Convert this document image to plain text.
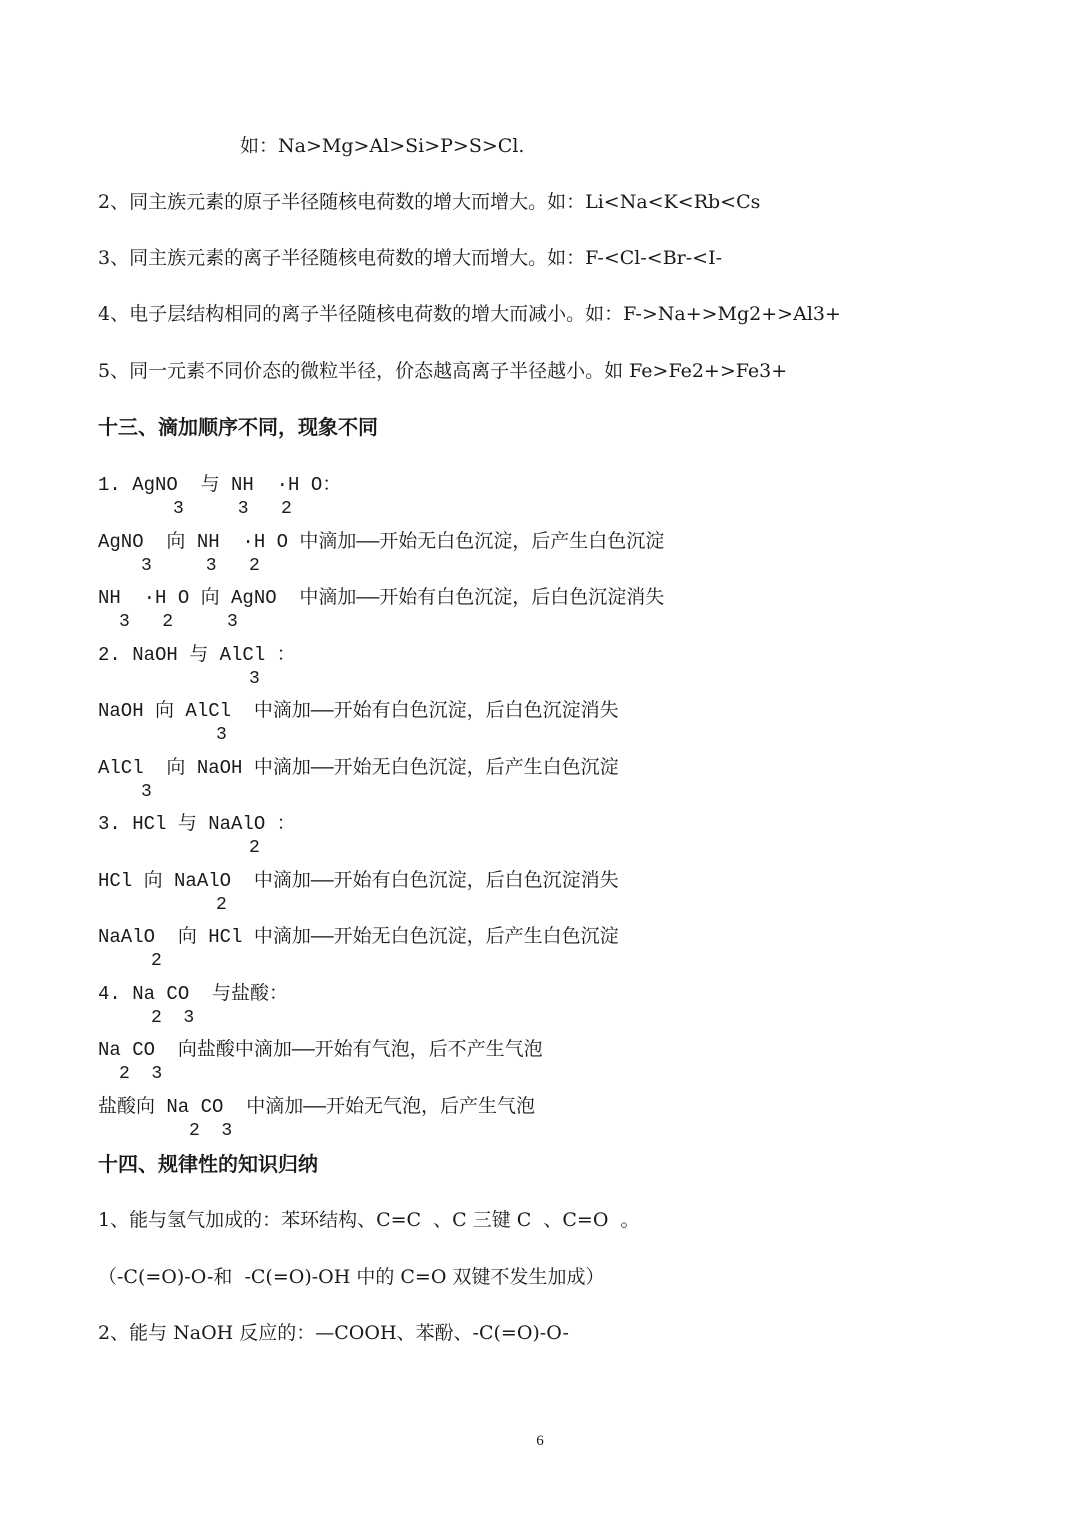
如：Na>Mg>Al>Si>P>S>Cl.

2、同主族元素的原子半径随核电荷数的增大而增大。如：Li<Na<K<Rb<Cs

3、同主族元素的离子半径随核电荷数的增大而增大。如：F-<Cl-<Br-<I-

4、电子层结构相同的离子半径随核电荷数的增大而减小。如：F->Na+>Mg2+>Al3+

5、同一元素不同价态的微粒半径，价态越高离子半径越小。如 Fe>Fe2+>Fe3+

十三、滴加顺序不同，现象不同

1. AgNO  与 NH  ·H O：

3     3   2

AgNO  向 NH  ·H O 中滴加——开始无白色沉淀，后产生白色沉淀

3     3   2

NH  ·H O 向 AgNO  中滴加——开始有白色沉淀，后白色沉淀消失

3   2     3

2. NaOH 与 AlCl ：

3

NaOH 向 AlCl  中滴加——开始有白色沉淀，后白色沉淀消失

3

AlCl  向 NaOH 中滴加——开始无白色沉淀，后产生白色沉淀

3

3. HCl 与 NaAlO ：

2

HCl 向 NaAlO  中滴加——开始有白色沉淀，后白色沉淀消失

2

NaAlO  向 HCl 中滴加——开始无白色沉淀，后产生白色沉淀

2

4. Na CO  与盐酸：

2  3

Na CO  向盐酸中滴加——开始有气泡，后不产生气泡

2  3

盐酸向 Na CO  中滴加——开始无气泡，后产生气泡

2  3
十四、规律性的知识归纳

1、能与氢气加成的：苯环结构、C=C  、C 三键 C  、C=O  。

（-C(=O)-O-和  -C(=O)-OH 中的 C=O 双键不发生加成）

2、能与 NaOH 反应的：—COOH、苯酚、-C(=O)-O-

6
